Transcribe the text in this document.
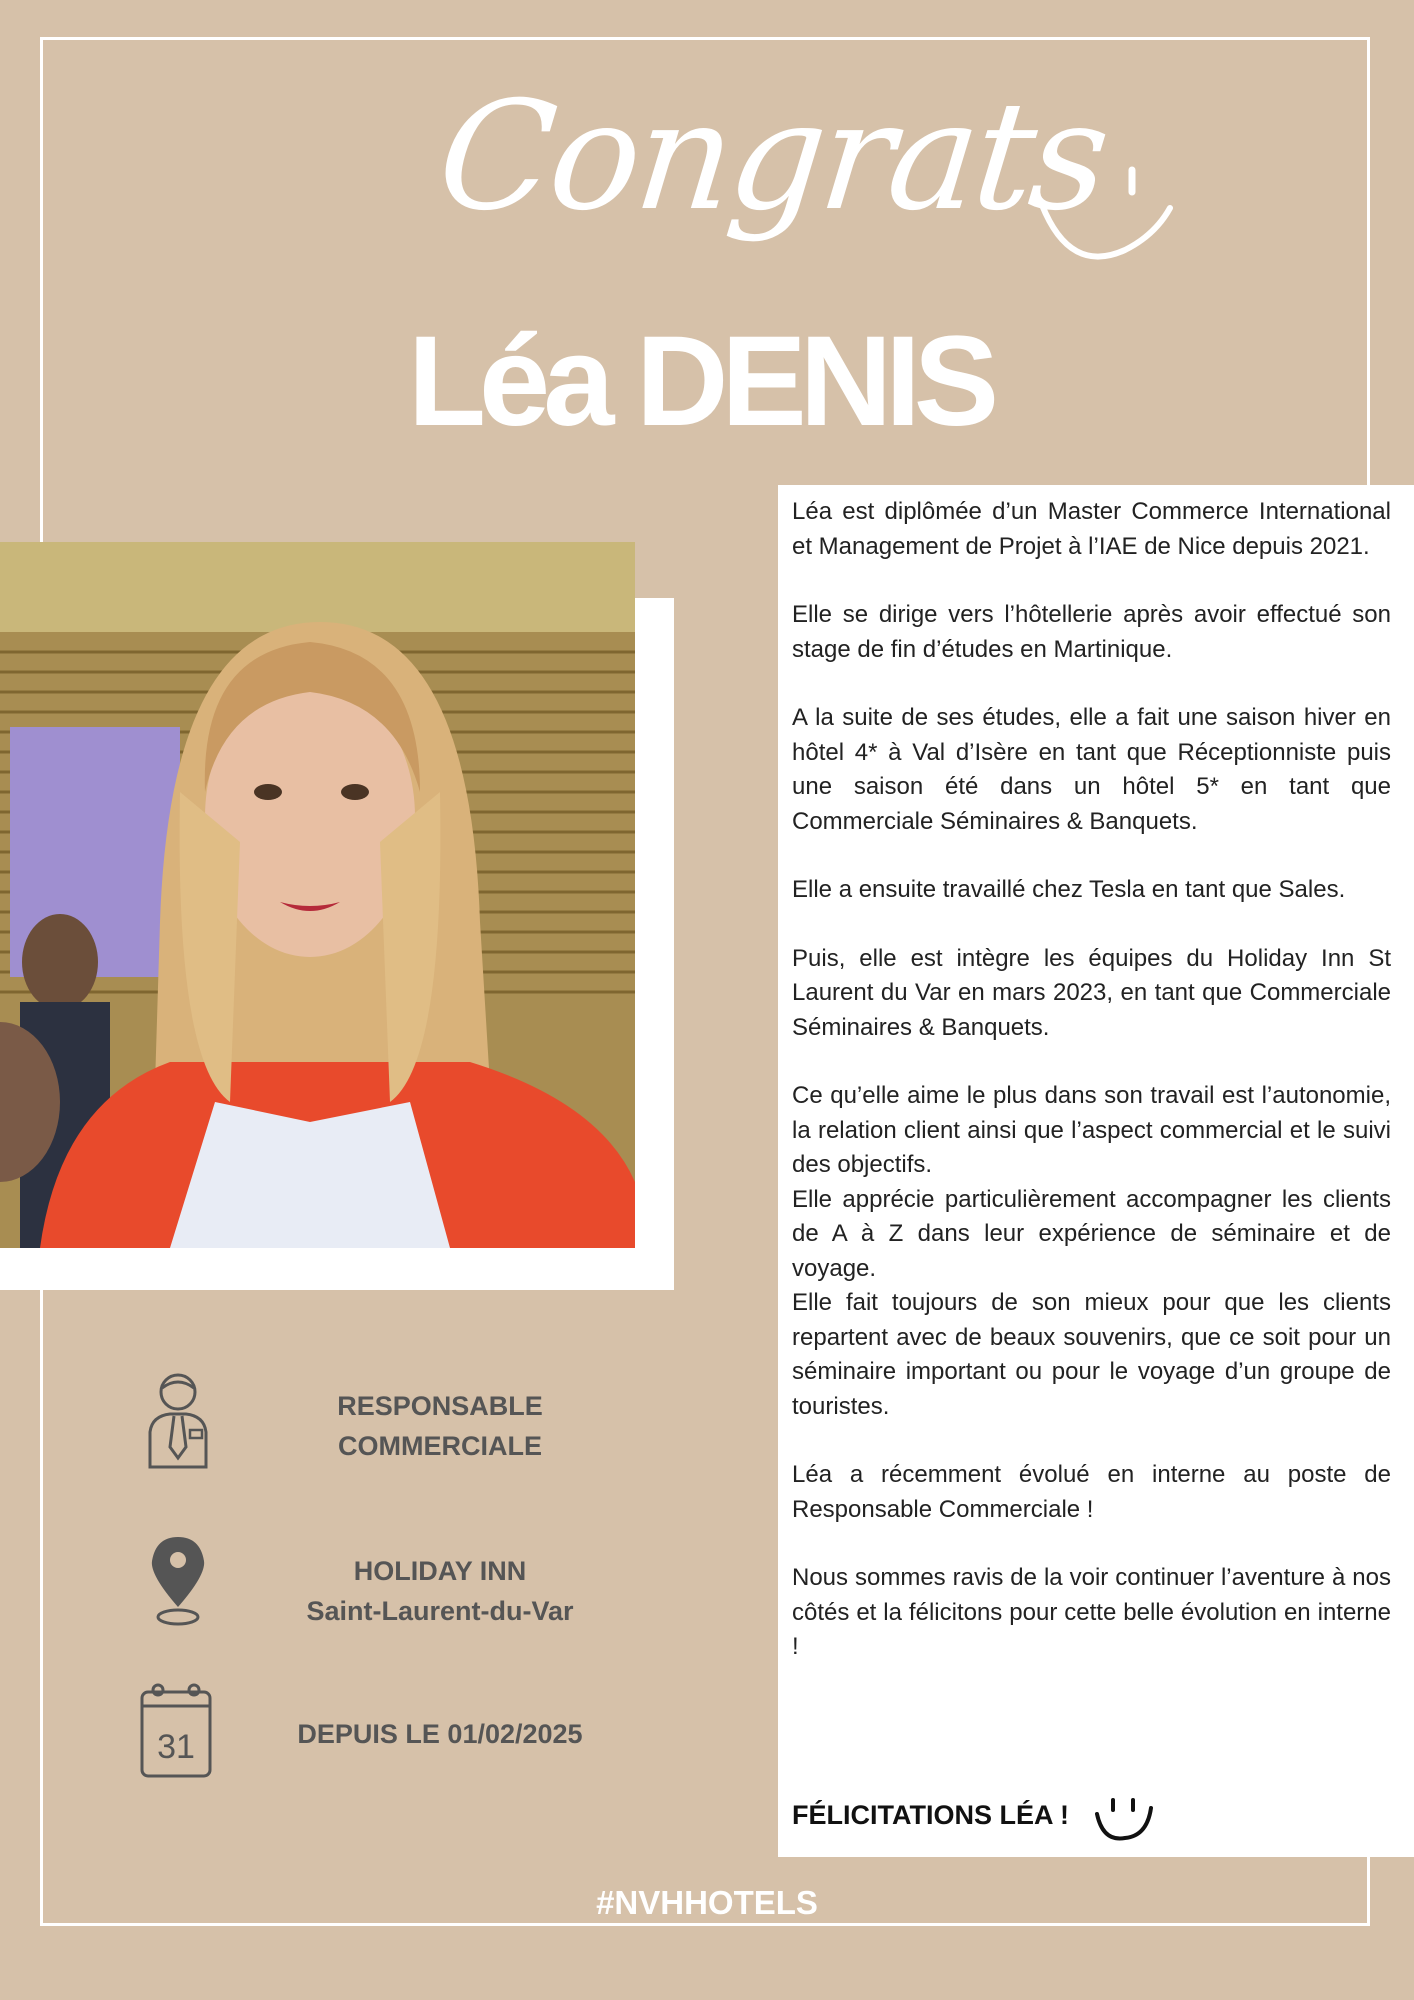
Congrats
Léa DENIS
RESPONSABLE
COMMERCIALE
HOLIDAY INN
Saint-Laurent-du-Var
31	DEPUIS LE 01/02/2025

Léa est diplômée d’un Master Commerce International et Management de Projet à l’IAE de Nice depuis 2021.

Elle se dirige vers l’hôtellerie après avoir effectué son stage de fin d’études en Martinique.

A la suite de ses études, elle a fait une saison hiver en hôtel 4* à Val d’Isère en tant que Réceptionniste puis une saison été dans un hôtel 5* en tant que Commerciale Séminaires & Banquets.

Elle a ensuite travaillé chez Tesla en tant que Sales.

Puis, elle est intègre les équipes du Holiday Inn St Laurent du Var en mars 2023, en tant que Commerciale Séminaires & Banquets.

Ce qu’elle aime le plus dans son travail est l’autonomie, la relation client ainsi que l’aspect commercial et le suivi des objectifs.

Elle apprécie particulièrement accompagner les clients de A à Z dans leur expérience de séminaire et de voyage.

Elle fait toujours de son mieux pour que les clients repartent avec de beaux souvenirs, que ce soit pour un séminaire important ou pour le voyage d’un groupe de touristes.

Léa a récemment évolué en interne au poste de Responsable Commerciale !

Nous sommes ravis de la voir continuer l’aventure à nos côtés et la félicitons pour cette belle évolution en interne !

FÉLICITATIONS LÉA !
#NVHHOTELS
